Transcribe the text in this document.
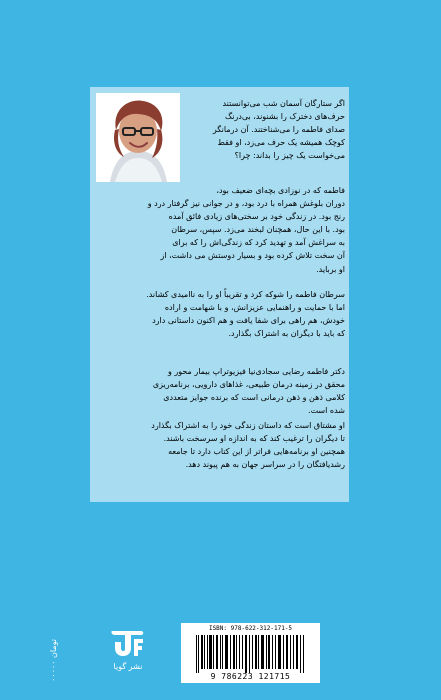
اگر ستارگان آسمان شب می‌توانستند
حرف‌های دخترک را بشنوند، بی‌درنگ
صدای فاطمه را می‌شناختند. آن درمانگر
کوچک همیشه یک حرف می‌زد، او فقط
می‌خواست یک چیز را بداند: چرا؟
فاطمه که در نوزادی بچه‌ای ضعیف بود،
دوران بلوغش همراه با درد بود، و در جوانی نیز گرفتار درد و
رنج بود. در زندگی خود بر سختی‌های زیادی فائق آمده
بود. با این حال، همچنان لبخند می‌زد. سپس، سرطان
به سراغش آمد و تهدید کرد که زندگی‌اش را که برای
آن سخت تلاش کرده بود و بسیار دوستش می داشت، از
او برباید.
سرطان فاطمه را شوکه کرد و تقریباً او را به ناامیدی کشاند.
اما با حمایت و راهنمایی عزیزانش، و با شهامت و اراده
خودش، هم راهی برای شفا یافت و هم اکنون داستانی دارد
که باید با دیگران به اشتراک بگذارد.
دکتر فاطمه رضایی سجادی‌نیا فیزیوتراپ بیمار محور و
محقق در زمینه درمان طبیعی، غذاهای دارویی، برنامه‌ریزی
کلامی ذهن و ذهن درمانی است که برنده جوایز متعددی
شده است.
او مشتاق است که داستان زندگی خود را به اشتراک بگذارد
تا دیگران را ترغیب کند که به اندازه او سرسخت باشند.
همچنین او برنامه‌هایی فراتر از این کتاب دارد تا جامعه
رشدیافتگان را در سراسر جهان به هم پیوند دهد.
۰۰۰۰۰ تومان
نشر گویا
ISBN: 978-622-312-171-5
9 786223 121715
